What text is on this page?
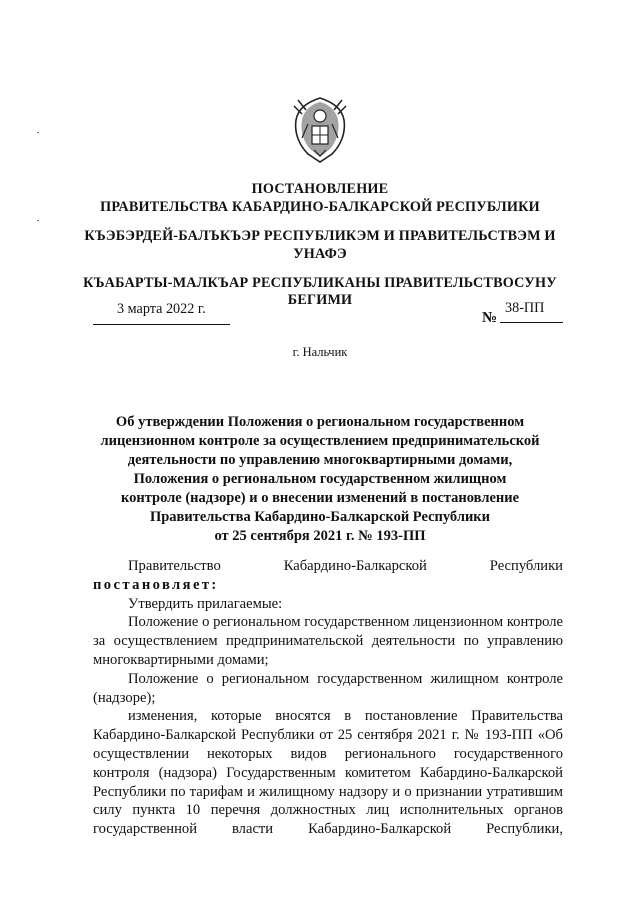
ПОСТАНОВЛЕНИЕ
ПРАВИТЕЛЬСТВА КАБАРДИНО-БАЛКАРСКОЙ РЕСПУБЛИКИ
КЪЭБЭРДЕЙ-БАЛЪКЪЭР РЕСПУБЛИКЭМ И ПРАВИТЕЛЬСТВЭМ И
УНАФЭ
КЪАБАРТЫ-МАЛКЪАР РЕСПУБЛИКАНЫ ПРАВИТЕЛЬСТВОСУНУ
БЕГИМИ
3 марта 2022 г.
№
38-ПП
г. Нальчик
Об утверждении Положения о региональном государственном
лицензионном контроле за осуществлением предпринимательской
деятельности по управлению многоквартирными домами,
Положения о региональном государственном жилищном
контроле (надзоре) и о внесении изменений в постановление
Правительства Кабардино-Балкарской Республики
от 25 сентября 2021 г. № 193-ПП
Правительство Кабардино-Балкарской Республики
постановляет:
Утвердить прилагаемые:
Положение о региональном государственном лицензионном контроле за осуществлением предпринимательской деятельности по управлению многоквартирными домами;
Положение о региональном государственном жилищном контроле (надзоре);
изменения, которые вносятся в постановление Правительства Кабардино-Балкарской Республики от 25 сентября 2021 г. № 193-ПП «Об осуществлении некоторых видов регионального государственного контроля (надзора) Государственным комитетом Кабардино-Балкарской Республики по тарифам и жилищному надзору и о признании утратившим силу пункта 10 перечня должностных лиц исполнительных органов государственной власти Кабардино-Балкарской Республики,
